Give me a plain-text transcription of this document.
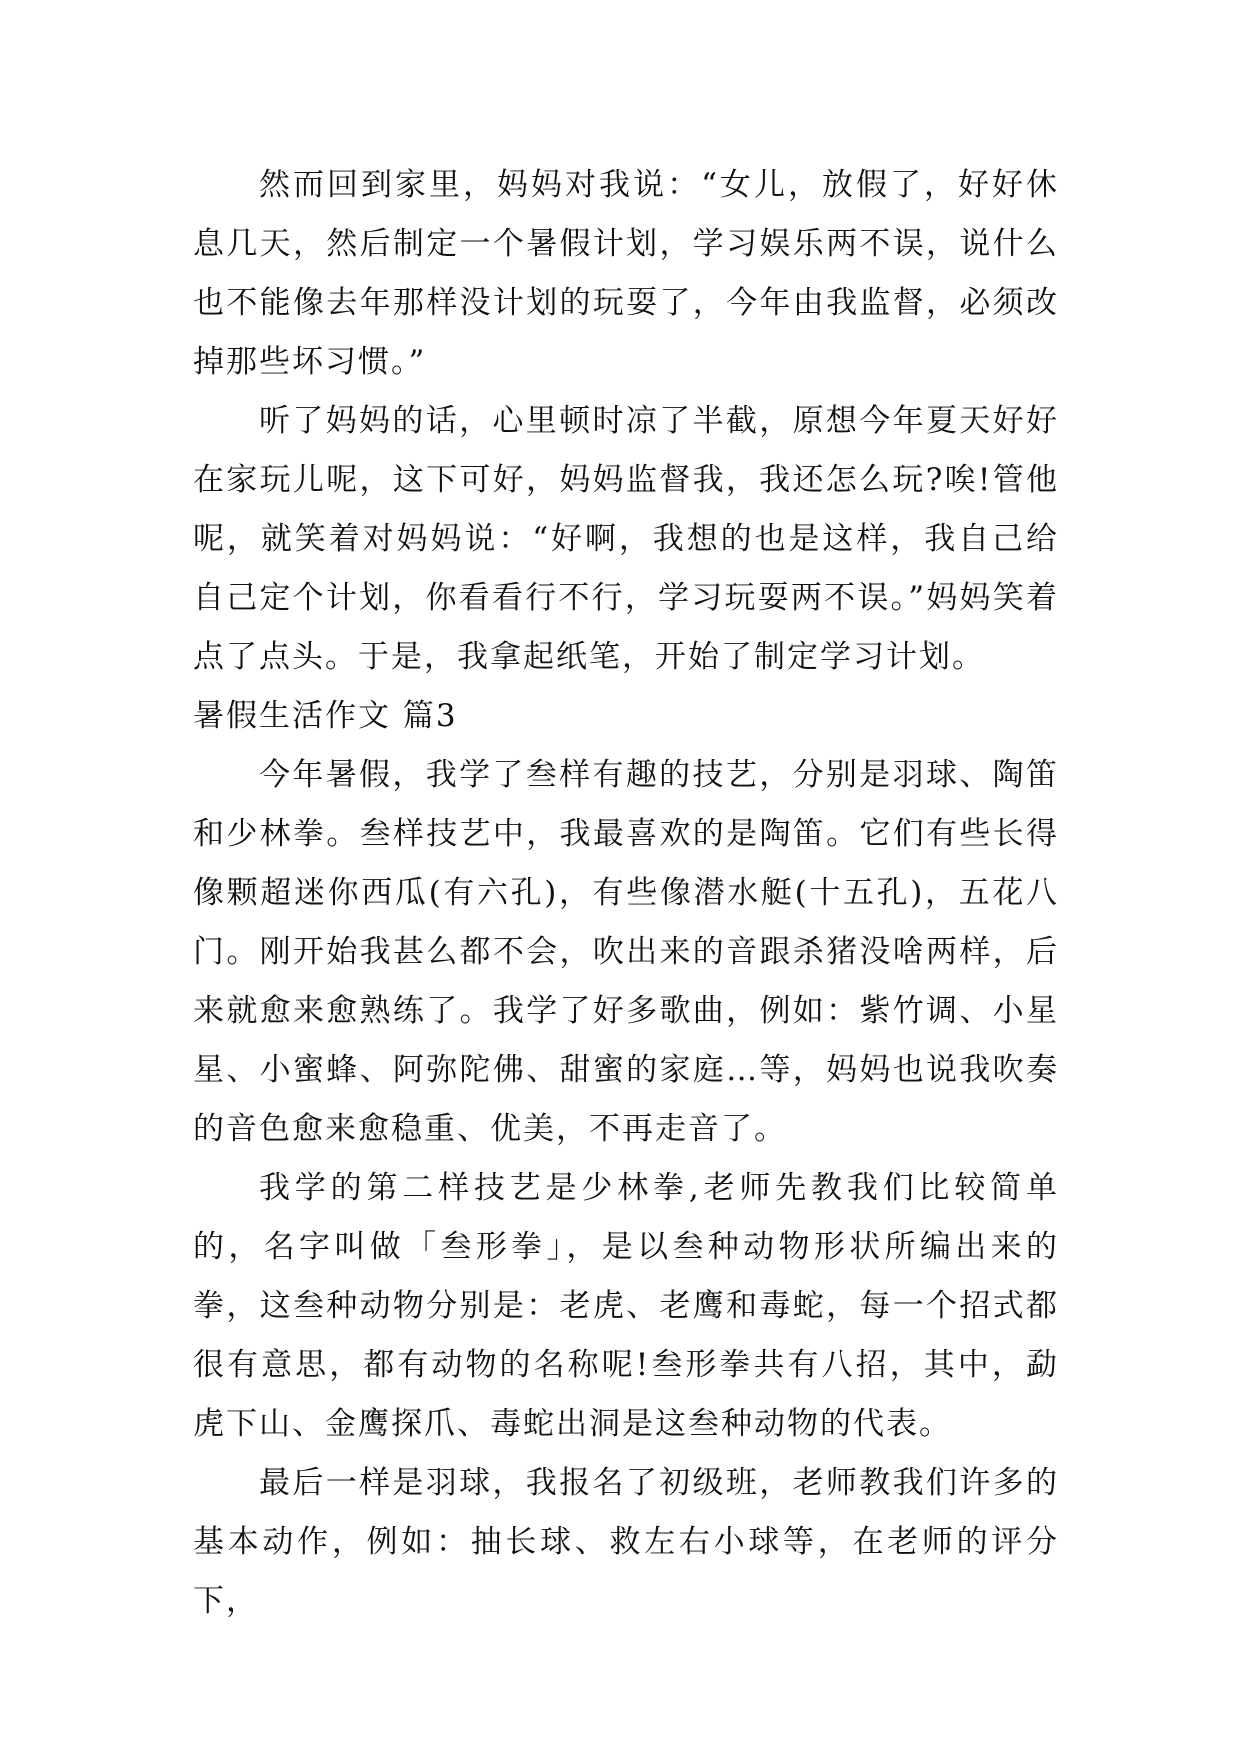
然而回到家里，妈妈对我说：“女儿，放假了，好好休息几天，然后制定一个暑假计划，学习娱乐两不误，说什么也不能像去年那样没计划的玩耍了，今年由我监督，必须改掉那些坏习惯。”

听了妈妈的话，心里顿时凉了半截，原想今年夏天好好在家玩儿呢，这下可好，妈妈监督我，我还怎么玩?唉!管他呢，就笑着对妈妈说：“好啊，我想的也是这样，我自己给自己定个计划，你看看行不行，学习玩耍两不误。”妈妈笑着点了点头。于是，我拿起纸笔，开始了制定学习计划。

暑假生活作文 篇3

今年暑假，我学了叁样有趣的技艺，分别是羽球、陶笛和少林拳。叁样技艺中，我最喜欢的是陶笛。它们有些长得像颗超迷你西瓜(有六孔)，有些像潜水艇(十五孔)，五花八门。刚开始我甚么都不会，吹出来的音跟杀猪没啥两样，后来就愈来愈熟练了。我学了好多歌曲，例如：紫竹调、小星星、小蜜蜂、阿弥陀佛、甜蜜的家庭…等，妈妈也说我吹奏的音色愈来愈稳重、优美，不再走音了。

我学的第二样技艺是少林拳,老师先教我们比较简单的，名字叫做「叁形拳」，是以叁种动物形状所编出来的拳，这叁种动物分别是：老虎、老鹰和毒蛇，每一个招式都很有意思，都有动物的名称呢!叁形拳共有八招，其中，勐虎下山、金鹰探爪、毒蛇出洞是这叁种动物的代表。

最后一样是羽球，我报名了初级班，老师教我们许多的基本动作，例如：抽长球、救左右小球等，在老师的评分下，
